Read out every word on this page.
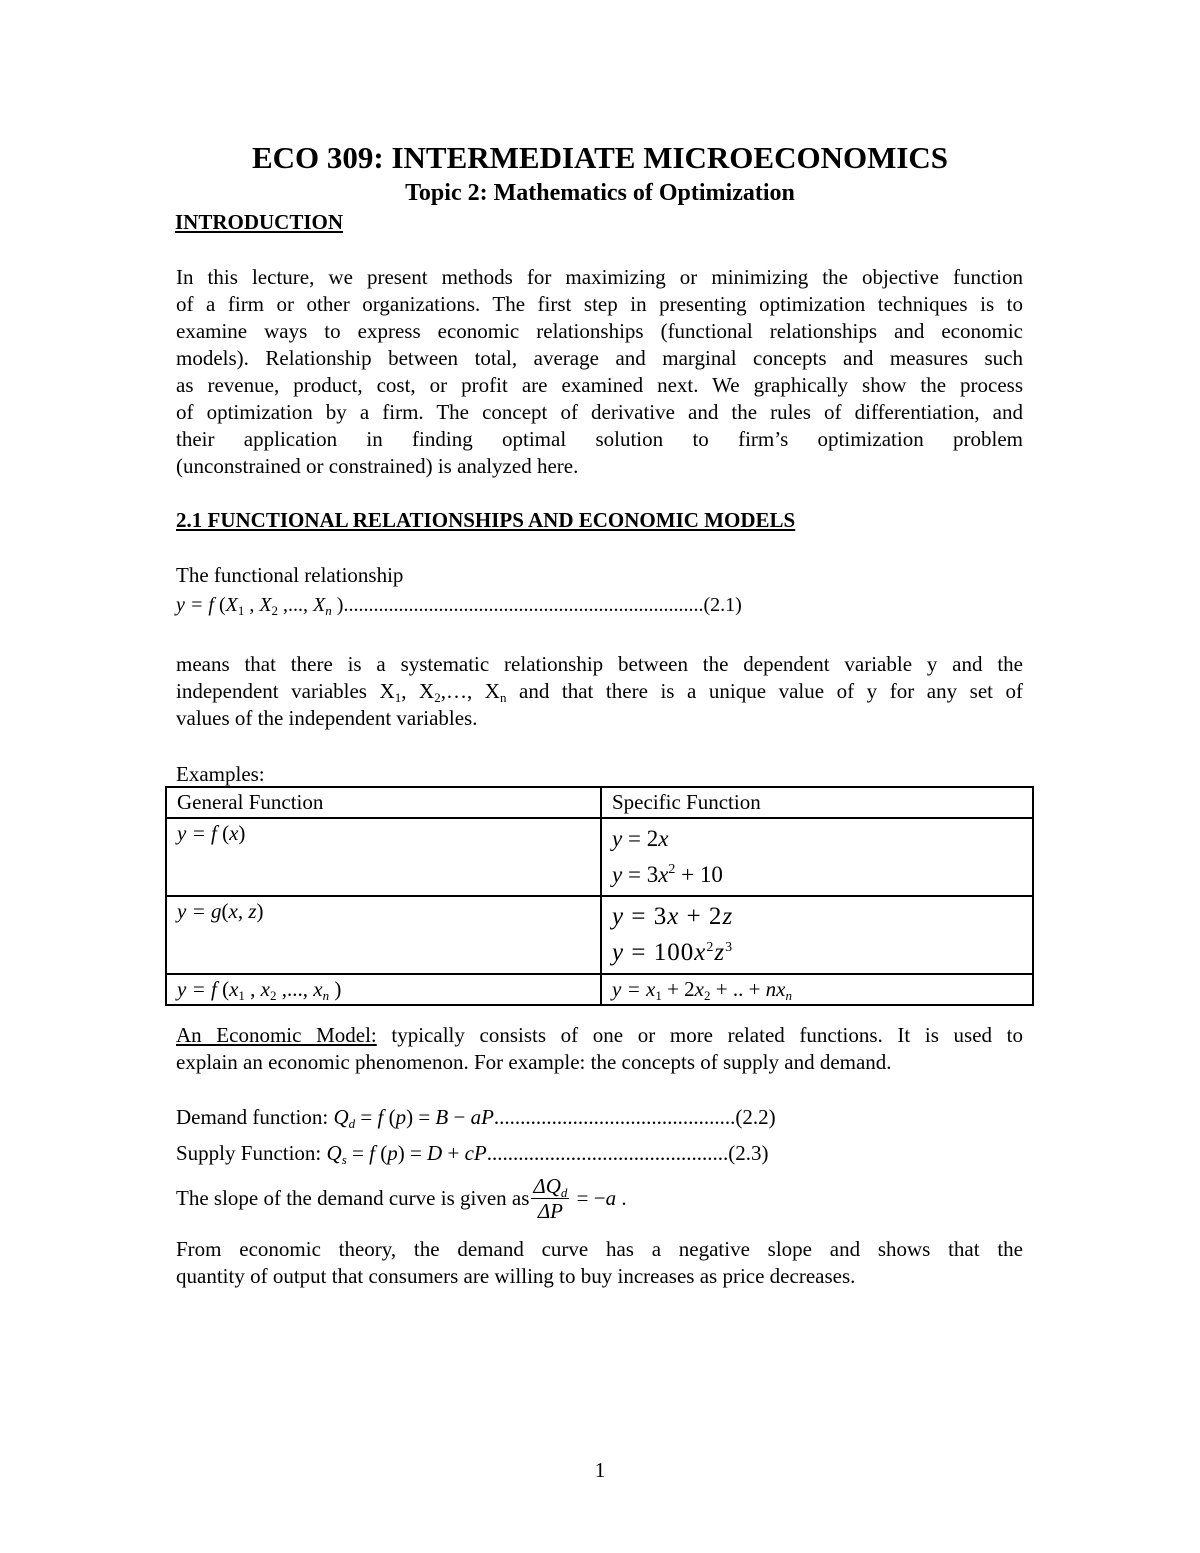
ECO 309: INTERMEDIATE MICROECONOMICS
Topic 2: Mathematics of Optimization
INTRODUCTION
In this lecture, we present methods for maximizing or minimizing the objective function
of a firm or other organizations. The first step in presenting optimization techniques is to
examine ways to express economic relationships (functional relationships and economic
models). Relationship between total, average and marginal concepts and measures such
as revenue, product, cost, or profit are examined next. We graphically show the process
of optimization by a firm. The concept of derivative and the rules of differentiation, and
their application in finding optimal solution to firm’s optimization problem
(unconstrained or constrained) is analyzed here.
2.1 FUNCTIONAL RELATIONSHIPS AND ECONOMIC MODELS
The functional relationship
y = f ($X_1$ , $X_2$ ,..., $X_n$ )........................................................................(2.1)
means that there is a systematic relationship between the dependent variable y and the
independent variables $X_1$, $X_2,\dots$, $X_n$ and that there is a unique value of y for any set of
values of the independent variables.
Examples:
General Function	Specific Function
y = f (x)	y = 2x
$y = 3x^2 + 10$

y = g(x, z)	y = 3x + 2z
$y = 100x^2z^3$

y = f ($x_1$ , $x_2$ ,..., $x_n$ )	$y = x_1 + 2x_2$ + .. + $nx_n$
An Economic Model: typically consists of one or more related functions. It is used to
explain an economic phenomenon. For example: the concepts of supply and demand.
Demand function: $Q_d = f$ (p) = B − aP..............................................(2.2)
Supply Function: $Q_s = f$ (p) = D + cP..............................................(2.3)
The slope of the demand curve is given as $\frac{\Delta Q_d}{\Delta P} = -a$ .
From economic theory, the demand curve has a negative slope and shows that the
quantity of output that consumers are willing to buy increases as price decreases.
1
